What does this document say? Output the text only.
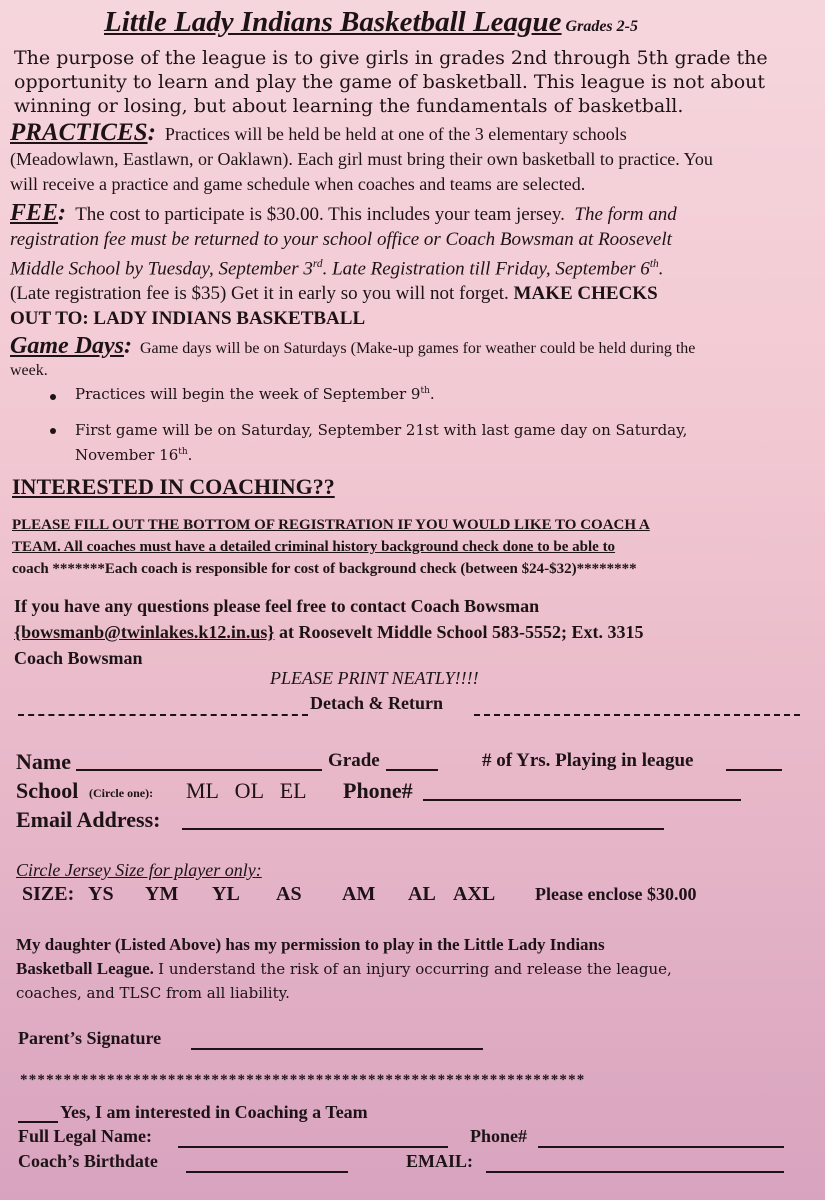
Little Lady Indians Basketball League Grades 2-5
The purpose of the league is to give girls in grades 2nd through 5th grade the
opportunity to learn and play the game of basketball. This league is not about
winning or losing, but about learning the fundamentals of basketball.
PRACTICES: Practices will be held be held at one of the 3 elementary schools
(Meadowlawn, Eastlawn, or Oaklawn). Each girl must bring their own basketball to practice. You
will receive a practice and game schedule when coaches and teams are selected.
FEE: The cost to participate is $30.00. This includes your team jersey. The form and
registration fee must be returned to your school office or Coach Bowsman at Roosevelt
Middle School by Tuesday, September 3rd. Late Registration till Friday, September 6th.
(Late registration fee is $35) Get it in early so you will not forget. MAKE CHECKS
OUT TO: LADY INDIANS BASKETBALL
Game Days: Game days will be on Saturdays (Make-up games for weather could be held during the
week.
Practices will begin the week of September 9th.
First game will be on Saturday, September 21st with last game day on Saturday,
November 16th.
INTERESTED IN COACHING??
PLEASE FILL OUT THE BOTTOM OF REGISTRATION IF YOU WOULD LIKE TO COACH A
TEAM. All coaches must have a detailed criminal history background check done to be able to
coach *******Each coach is responsible for cost of background check (between $24-$32)********
If you have any questions please feel free to contact Coach Bowsman
{bowsmanb@twinlakes.k12.in.us} at Roosevelt Middle School 583-5552; Ext. 3315
Coach Bowsman
PLEASE PRINT NEATLY!!!!
Detach & Return
Name	Grade	# of Yrs. Playing in league
School (Circle one): ML   OL   EL Phone#
Email Address:
Circle Jersey Size for player only:
SIZE: YS YM YL AS AM AL AXL Please enclose $30.00
My daughter (Listed Above) has my permission to play in the Little Lady Indians
Basketball League. I understand the risk of an injury occurring and release the league,
coaches, and TLSC from all liability.
Parent’s Signature
*****************************************************************
Yes, I am interested in Coaching a Team
Full Legal Name:	Phone#
Coach’s Birthdate	EMAIL:
